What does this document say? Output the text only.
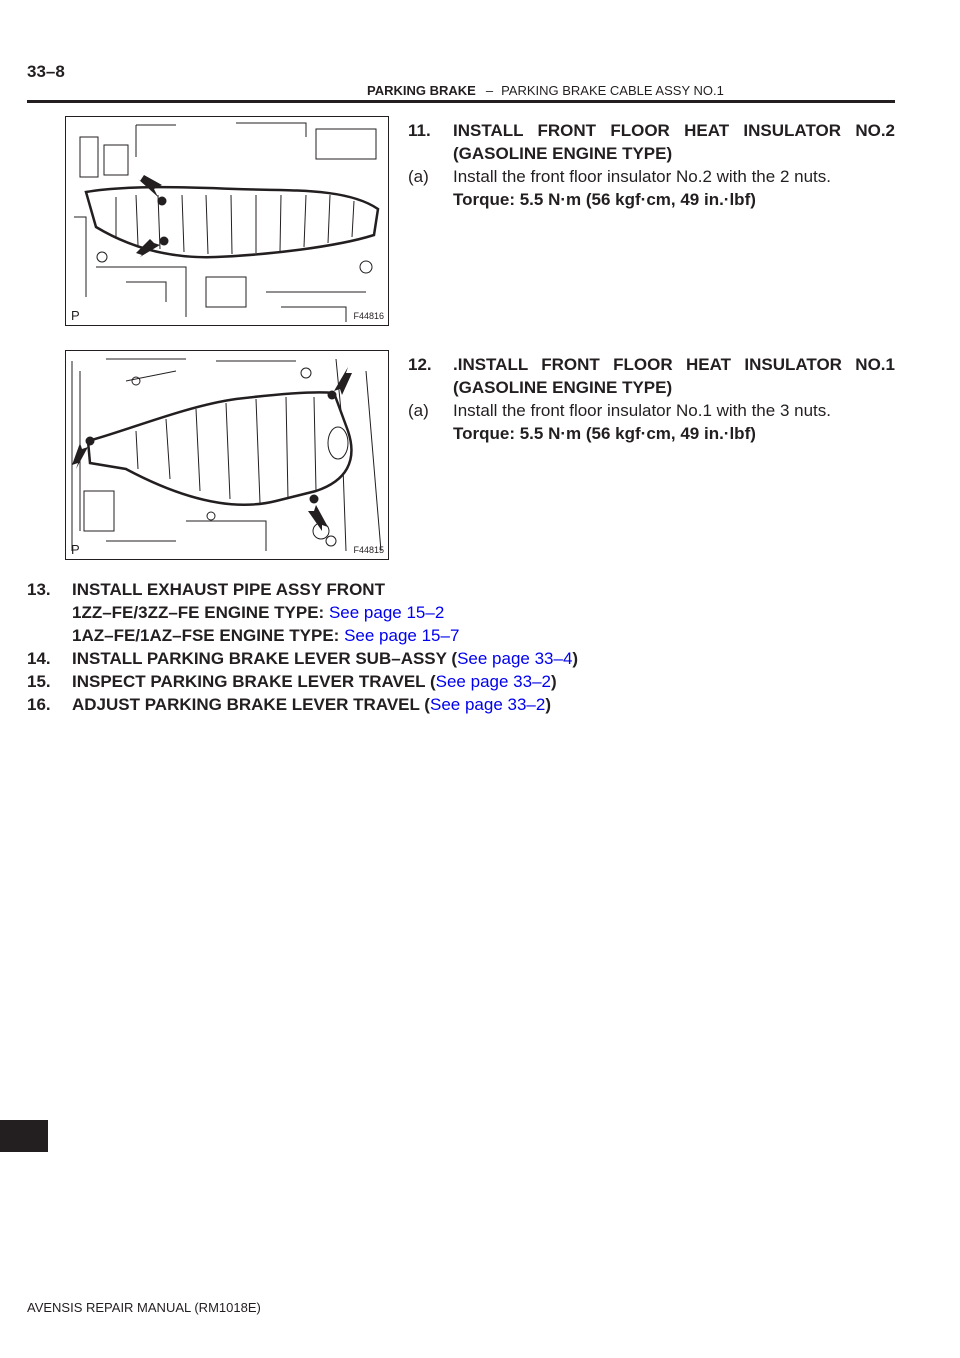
33–8
PARKING BRAKE – PARKING BRAKE CABLE ASSY NO.1
P	F44816
11. INSTALL FRONT FLOOR HEAT INSULATOR NO.2
(GASOLINE ENGINE TYPE)
(a) Install the front floor insulator No.2 with the 2 nuts.
Torque: 5.5 N·m (56 kgf·cm, 49 in.·lbf)
P	F44815
12. .INSTALL FRONT FLOOR HEAT INSULATOR NO.1
(GASOLINE ENGINE TYPE)
(a) Install the front floor insulator No.1 with the 3 nuts.
Torque: 5.5 N·m (56 kgf·cm, 49 in.·lbf)
13. INSTALL EXHAUST PIPE ASSY FRONT
1ZZ–FE/3ZZ–FE ENGINE TYPE: See page 15–2
1AZ–FE/1AZ–FSE ENGINE TYPE: See page 15–7
14. INSTALL PARKING BRAKE LEVER SUB–ASSY (See page 33–4)
15. INSPECT PARKING BRAKE LEVER TRAVEL (See page 33–2)
16. ADJUST PARKING BRAKE LEVER TRAVEL (See page 33–2)
AVENSIS REPAIR MANUAL (RM1018E)
